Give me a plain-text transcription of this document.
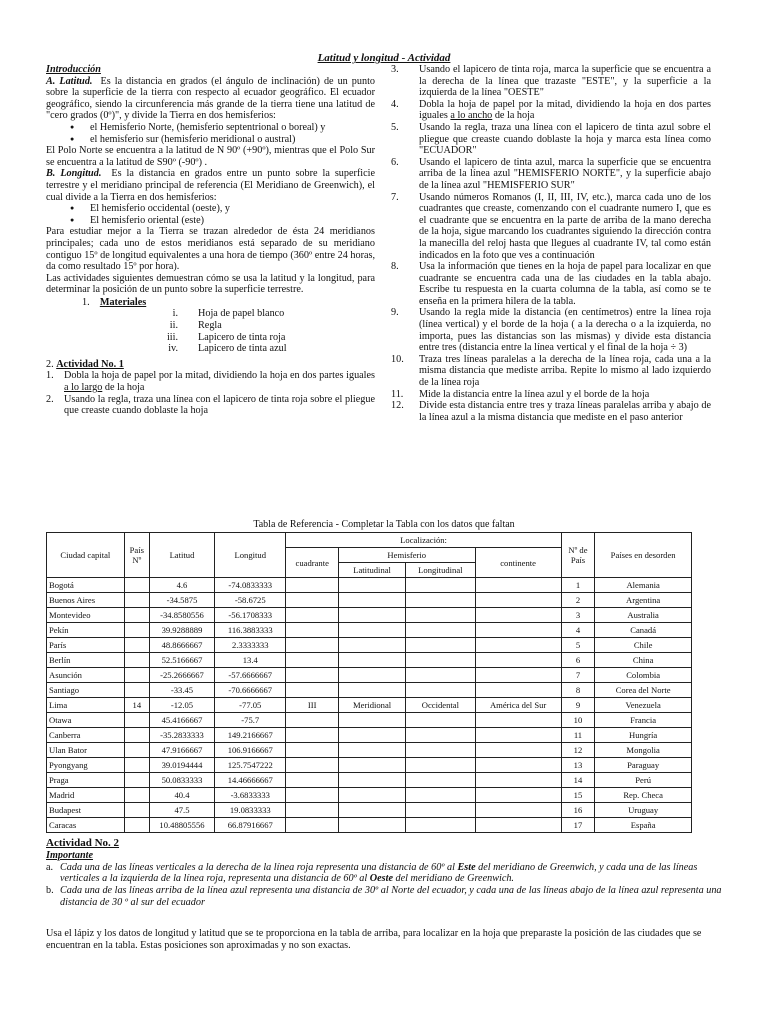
Latitud y longitud - Actividad

Introducción

A. Latitud. Es la distancia en grados (el ángulo de inclinación) de un punto sobre la superficie de la tierra con respecto al ecuador geográfico. El ecuador geográfico, siendo la circunferencia más grande de la tierra tiene una latitud de "cero grados (0º)", y divide la Tierra en dos hemisferios:

● el Hemisferio Norte, (hemisferio septentrional o boreal) y
● el hemisferio sur (hemisferio meridional o austral)

El Polo Norte se encuentra a la latitud de N 90º (+90º), mientras que el Polo Sur se encuentra a la latitud de S90º (-90º) .

B. Longitud. Es la distancia en grados entre un punto sobre la superficie terrestre y el meridiano principal de referencia (El Meridiano de Greenwich), el cual divide a la Tierra en dos hemisferios:

● El hemisferio occidental (oeste), y
● El hemisferio oriental (este)

Para estudiar mejor a la Tierra se trazan alrededor de ésta 24 meridianos principales; cada uno de estos meridianos está separado de su meridiano contiguo 15º de longitud equivalentes a una hora de tiempo (360º entre 24 horas, da como resultado 15º por hora).

Las actividades siguientes demuestran cómo se usa la latitud y la longitud, para determinar la posición de un punto sobre la superficie terrestre.

1. Materiales

i.	Hoja de papel blanco
ii.	Regla
iii.	Lapicero de tinta roja
iv.	Lapicero de tinta azul

2. Actividad No. 1

1.	Dobla la hoja de papel por la mitad, dividiendo la hoja en dos partes iguales a lo largo de la hoja
2.	Usando la regla, traza una línea con el lapicero de tinta roja sobre el pliegue que creaste cuando doblaste la hoja
3.	Usando el lapicero de tinta roja, marca la superficie que se encuentra a la derecha de la línea que trazaste "ESTE", y la superficie a la izquierda de la línea "OESTE"
4.	Dobla la hoja de papel por la mitad, dividiendo la hoja en dos partes iguales a lo ancho de la hoja
5.	Usando la regla, traza una línea con el lapicero de tinta azul sobre el pliegue que creaste cuando doblaste la hoja y marca esta línea como "ECUADOR"
6.	Usando el lapicero de tinta azul, marca la superficie que se encuentra arriba de la línea azul "HEMISFERIO NORTE", y la superficie abajo de la línea azul "HEMISFERIO SUR"
7.	Usando números Romanos (I, II, III, IV, etc.), marca cada uno de los cuadrantes que creaste, comenzando con el cuadrante numero I, que es el cuadrante que se encuentra en la parte de arriba de la mano derecha de la hoja, sigue marcando los cuadrantes siguiendo la dirección contra la manecilla del reloj hasta que llegues al cuadrante IV, tal como están indicados en la foto que ves a continuación
8.	Usa la información que tienes en la hoja de papel para localizar en que cuadrante se encuentra cada una de las ciudades en la tabla abajo. Escribe tu respuesta en la cuarta columna de la tabla, así como se te enseña en la primera hilera de la tabla.
9.	Usando la regla mide la distancia (en centímetros) entre la línea roja (línea vertical) y el borde de la hoja ( a la derecha o a la izquierda, no importa, pues las distancias son las mismas) y divide esta distancia entre tres (distancia entre la línea vertical y el final de la hoja ÷ 3)
10.	Traza tres líneas paralelas a la derecha de la línea roja, cada una a la misma distancia que mediste arriba. Repite lo mismo al lado izquierdo de la línea roja
11.	Mide la distancia entre la línea azul y el borde de la hoja
12.	Divide esta distancia entre tres y traza líneas paralelas arriba y abajo de la línea azul a la misma distancia que mediste en el paso anterior
Tabla de Referencia - Completar la Tabla con los datos que faltan
Ciudad capital	País Nº	Latitud	Longitud	Localización:				Nº de País	Países en desorden
				cuadrante	Hemisferio		continente		
					Latitudinal	Longitudinal			
Bogotá		4.6	-74.0833333					1	Alemania
Buenos Aires		-34.5875	-58.6725					2	Argentina
Montevideo		-34.8580556	-56.1708333					3	Australia
Pekín		39.9288889	116.3883333					4	Canadá
París		48.8666667	2.3333333					5	Chile
Berlín		52.5166667	13.4					6	China
Asunción		-25.2666667	-57.6666667					7	Colombia
Santiago		-33.45	-70.6666667					8	Corea del Norte
Lima	14	-12.05	-77.05	III	Meridional	Occidental	América del Sur	9	Venezuela
Otawa		45.4166667	-75.7					10	Francia
Canberra		-35.2833333	149.2166667					11	Hungría
Ulan Bator		47.9166667	106.9166667					12	Mongolia
Pyongyang		39.0194444	125.7547222					13	Paraguay
Praga		50.0833333	14.46666667					14	Perú
Madrid		40.4	-3.6833333					15	Rep. Checa
Budapest		47.5	19.0833333					16	Uruguay
Caracas		10.48805556	66.87916667					17	España

Actividad No. 2

Importante

a. Cada una de las líneas verticales a la derecha de la línea roja representa una distancia de 60º al Este del meridiano de Greenwich, y cada una de las líneas verticales a la izquierda de la línea roja, representa una distancia de 60º al Oeste del meridiano de Greenwich.
b. Cada una de las líneas arriba de la línea azul representa una distancia de 30º al Norte del ecuador, y cada una de las líneas abajo de la línea azul representa una distancia de 30 º al sur del ecuador
Usa el lápiz y los datos de longitud y latitud que se te proporciona en la tabla de arriba, para localizar en la hoja que preparaste la posición de las ciudades que se encuentran en la tabla. Estas posiciones son aproximadas y no son exactas.
